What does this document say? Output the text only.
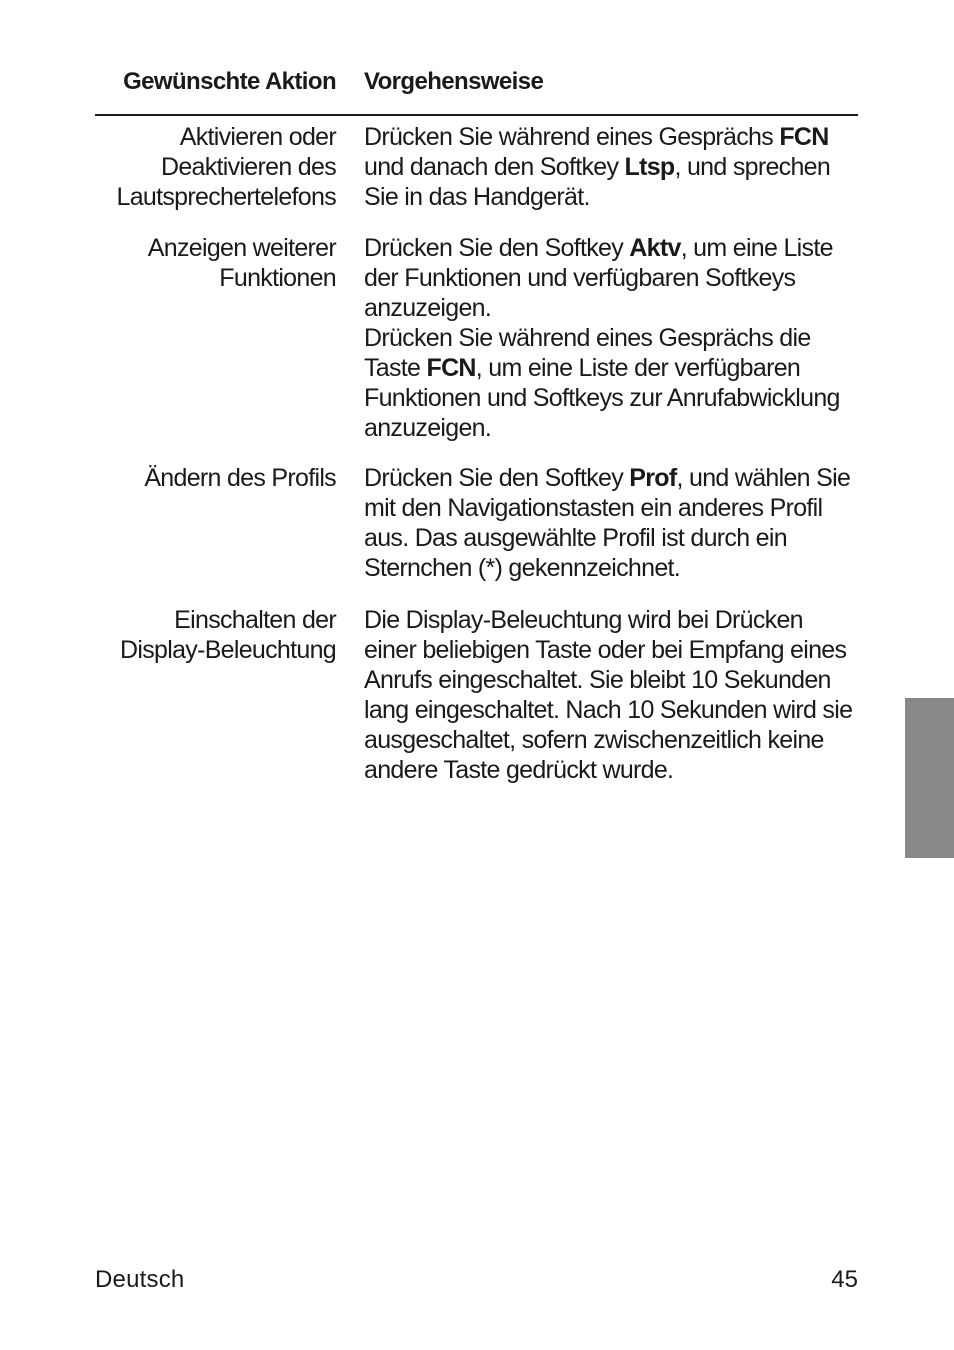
Gewünschte Aktion Vorgehensweise
Aktivieren oder
Deaktivieren des
Lautsprechertelefons
Drücken Sie während eines Gesprächs FCN
und danach den Softkey Ltsp, und sprechen
Sie in das Handgerät.
Anzeigen weiterer
Funktionen
Drücken Sie den Softkey Aktv, um eine Liste
der Funktionen und verfügbaren Softkeys
anzuzeigen.
Drücken Sie während eines Gesprächs die
Taste FCN, um eine Liste der verfügbaren
Funktionen und Softkeys zur Anrufabwicklung
anzuzeigen.
Ändern des Profils Drücken Sie den Softkey Prof, und wählen Sie
mit den Navigationstasten ein anderes Profil
aus. Das ausgewählte Profil ist durch ein
Sternchen (*) gekennzeichnet.
Einschalten der
Display-Beleuchtung
Die Display-Beleuchtung wird bei Drücken
einer beliebigen Taste oder bei Empfang eines
Anrufs eingeschaltet. Sie bleibt 10 Sekunden
lang eingeschaltet. Nach 10 Sekunden wird sie
ausgeschaltet, sofern zwischenzeitlich keine
andere Taste gedrückt wurde.
Deutsch	45
